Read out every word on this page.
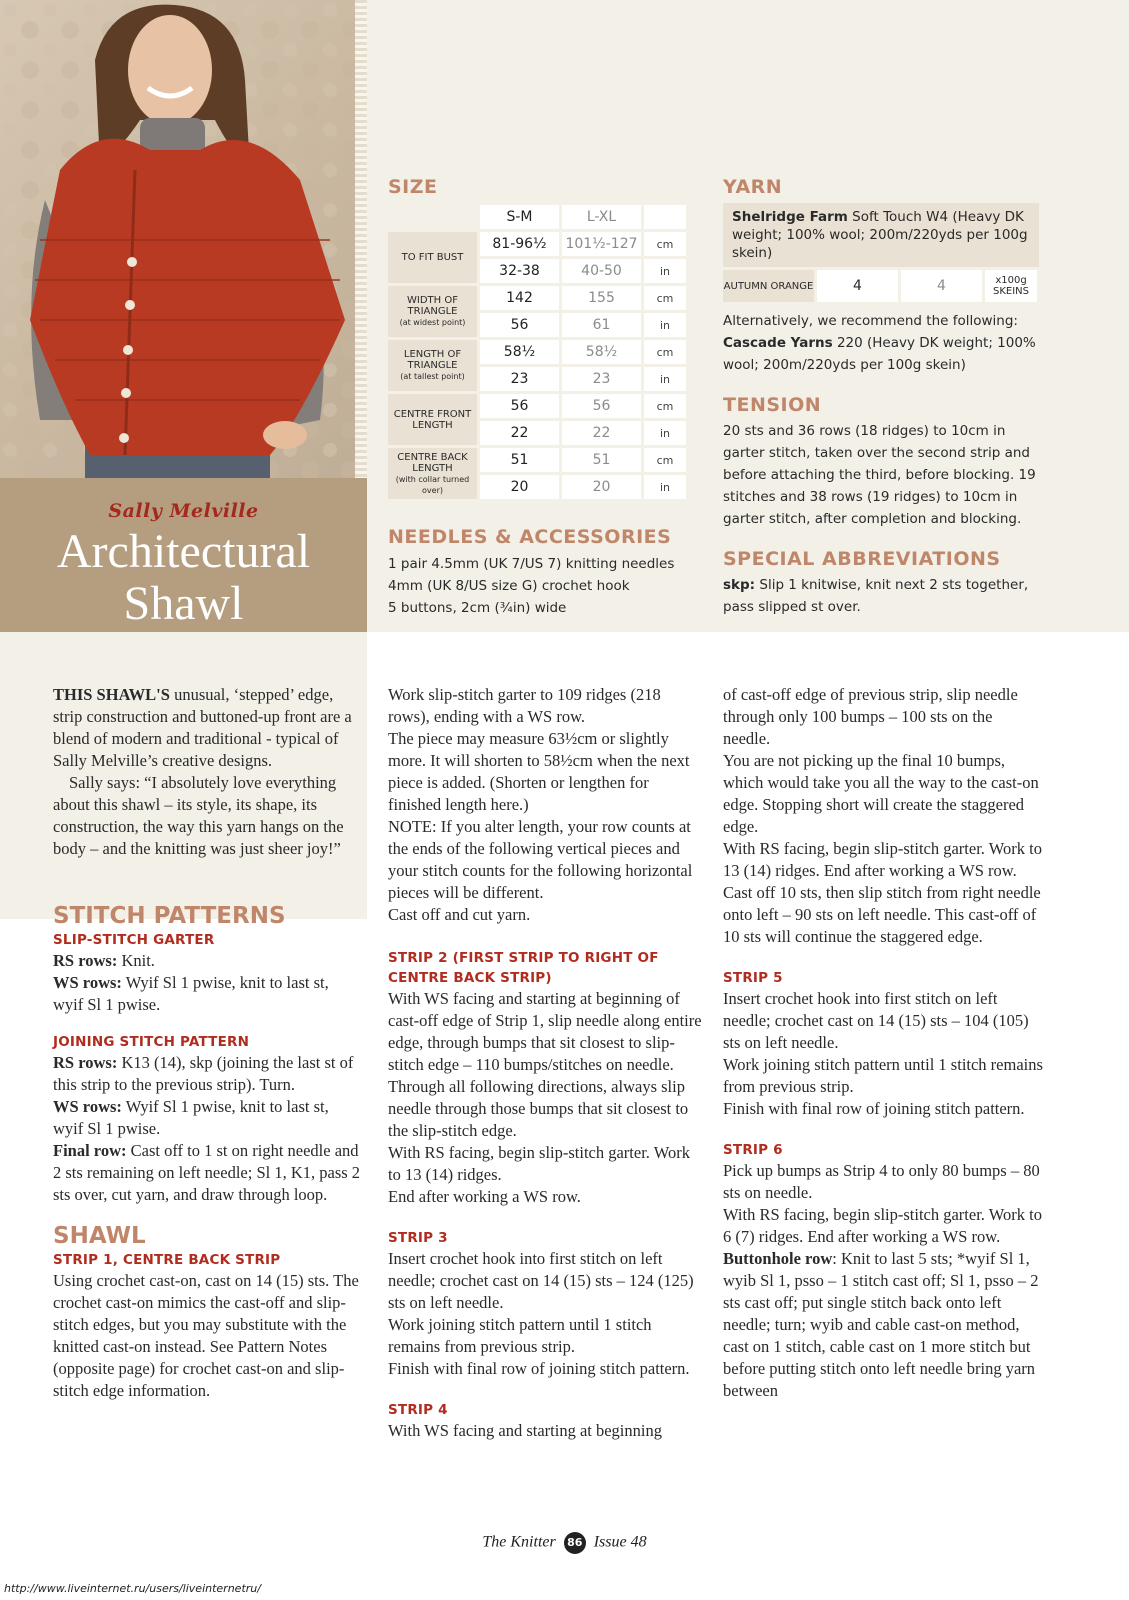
Sally Melville
Architectural
Shawl
SIZE
	S-M	L-XL	
TO FIT BUST	81-96½	101½-127	cm
	32-38	40-50	in
WIDTH OF TRIANGLE
(at widest point)	142	155	cm
	56	61	in
LENGTH OF TRIANGLE
(at tallest point)	58½	58½	cm
	23	23	in
CENTRE FRONT LENGTH	56	56	cm
	22	22	in
CENTRE BACK LENGTH
(with collar turned over)	51	51	cm
	20	20	in
NEEDLES & ACCESSORIES

1 pair 4.5mm (UK 7/US 7) knitting needles

4mm (UK 8/US size G) crochet hook

5 buttons, 2cm (¾in) wide

YARN
Shelridge Farm Soft Touch W4 (Heavy DK weight; 100% wool; 200m/220yds per 100g skein)
AUTUMN ORANGE	4	4	x100g SKEINS

Alternatively, we recommend the following:
Cascade Yarns 220 (Heavy DK weight; 100% wool; 200m/220yds per 100g skein)

TENSION

20 sts and 36 rows (18 ridges) to 10cm in garter stitch, taken over the second strip and before attaching the third, before blocking. 19 stitches and 38 rows (19 ridges) to 10cm in garter stitch, after completion and blocking.

SPECIAL ABBREVIATIONS

skp: Slip 1 knitwise, knit next 2 sts together, pass slipped st over.

THIS SHAWL'S unusual, ‘stepped’ edge, strip construction and buttoned-up front are a blend of modern and traditional - typical of Sally Melville’s creative designs.

Sally says: “I absolutely love everything about this shawl – its style, its shape, its construction, the way this yarn hangs on the body – and the knitting was just sheer joy!”

STITCH PATTERNS
SLIP-STITCH GARTER

RS rows: Knit.

WS rows: Wyif Sl 1 pwise, knit to last st, wyif Sl 1 pwise.

JOINING STITCH PATTERN

RS rows: K13 (14), skp (joining the last st of this strip to the previous strip). Turn.

WS rows: Wyif Sl 1 pwise, knit to last st, wyif Sl 1 pwise.

Final row: Cast off to 1 st on right needle and 2 sts remaining on left needle; Sl 1, K1, pass 2 sts over, cut yarn, and draw through loop.

SHAWL
STRIP 1, CENTRE BACK STRIP

Using crochet cast-on, cast on 14 (15) sts. The crochet cast-on mimics the cast-off and slip-stitch edges, but you may substitute with the knitted cast-on instead. See Pattern Notes (opposite page) for crochet cast-on and slip-stitch edge information.

Work slip-stitch garter to 109 ridges (218 rows), ending with a WS row.

The piece may measure 63½cm or slightly more. It will shorten to 58½cm when the next piece is added. (Shorten or lengthen for finished length here.)

NOTE: If you alter length, your row counts at the ends of the following vertical pieces and your stitch counts for the following horizontal pieces will be different.

Cast off and cut yarn.

STRIP 2 (FIRST STRIP TO RIGHT OF CENTRE BACK STRIP)

With WS facing and starting at beginning of cast-off edge of Strip 1, slip needle along entire edge, through bumps that sit closest to slip-stitch edge – 110 bumps/stitches on needle.

Through all following directions, always slip needle through those bumps that sit closest to the slip-stitch edge.

With RS facing, begin slip-stitch garter. Work to 13 (14) ridges.

End after working a WS row.

STRIP 3

Insert crochet hook into first stitch on left needle; crochet cast on 14 (15) sts – 124 (125) sts on left needle.

Work joining stitch pattern until 1 stitch remains from previous strip.

Finish with final row of joining stitch pattern.

STRIP 4

With WS facing and starting at beginning

of cast-off edge of previous strip, slip needle through only 100 bumps – 100 sts on the needle.

You are not picking up the final 10 bumps, which would take you all the way to the cast-on edge. Stopping short will create the staggered edge.

With RS facing, begin slip-stitch garter. Work to 13 (14) ridges. End after working a WS row.

Cast off 10 sts, then slip stitch from right needle onto left – 90 sts on left needle. This cast-off of 10 sts will continue the staggered edge.

STRIP 5

Insert crochet hook into first stitch on left needle; crochet cast on 14 (15) sts – 104 (105) sts on left needle.

Work joining stitch pattern until 1 stitch remains from previous strip.

Finish with final row of joining stitch pattern.

STRIP 6

Pick up bumps as Strip 4 to only 80 bumps – 80 sts on needle.

With RS facing, begin slip-stitch garter. Work to 6 (7) ridges. End after working a WS row.

Buttonhole row: Knit to last 5 sts; *wyif Sl 1, wyib Sl 1, psso – 1 stitch cast off; Sl 1, psso – 2 sts cast off; put single stitch back onto left needle; turn; wyib and cable cast-on method, cast on 1 stitch, cable cast on 1 more stitch but before putting stitch onto left needle bring yarn between

The Knitter 86 Issue 48
http://www.liveinternet.ru/users/liveinternetru/
